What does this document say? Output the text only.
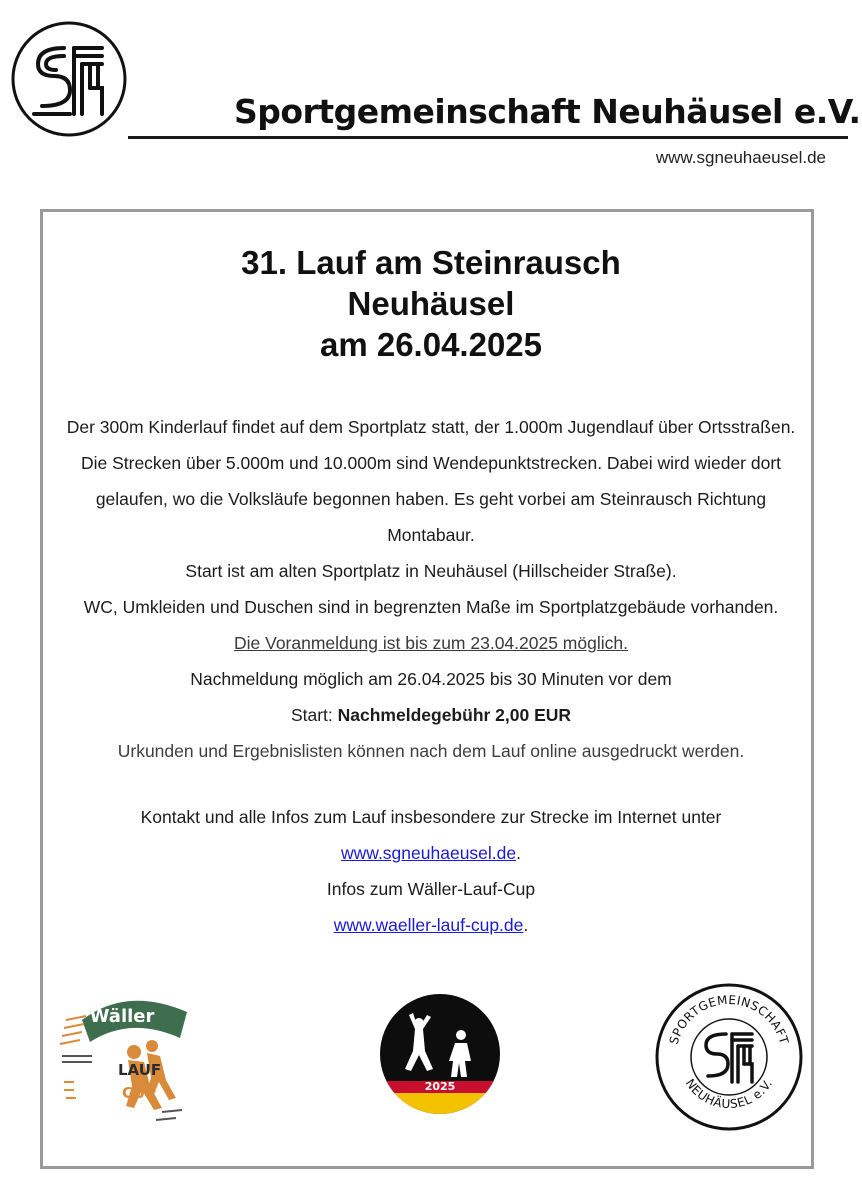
Sportgemeinschaft Neuhäusel e.V.
www.sgneuhaeusel.de
31. Lauf am Steinrausch
Neuhäusel
am 26.04.2025

Der 300m Kinderlauf findet auf dem Sportplatz statt, der 1.000m Jugendlauf über Ortsstraßen. Die Strecken über 5.000m und 10.000m sind Wendepunktstrecken. Dabei wird wieder dort gelaufen, wo die Volksläufe begonnen haben. Es geht vorbei am Steinrausch Richtung Montabaur.

Start ist am alten Sportplatz in Neuhäusel (Hillscheider Straße).

WC, Umkleiden und Duschen sind in begrenzten Maße im Sportplatzgebäude vorhanden.

Die Voranmeldung ist bis zum 23.04.2025 möglich.

Nachmeldung möglich am 26.04.2025 bis 30 Minuten vor dem

Start: Nachmeldegebühr 2,00 EUR

Urkunden und Ergebnislisten können nach dem Lauf online ausgedruckt werden.

Kontakt und alle Infos zum Lauf insbesondere zur Strecke im Internet unter

www.sgneuhaeusel.de.

Infos zum Wäller-Lauf-Cup

www.waeller-lauf-cup.de.

Wäller
LAUF
CUP	2025
SPORTGEMEINSCHAFT
NEUHÄUSEL e.V.
